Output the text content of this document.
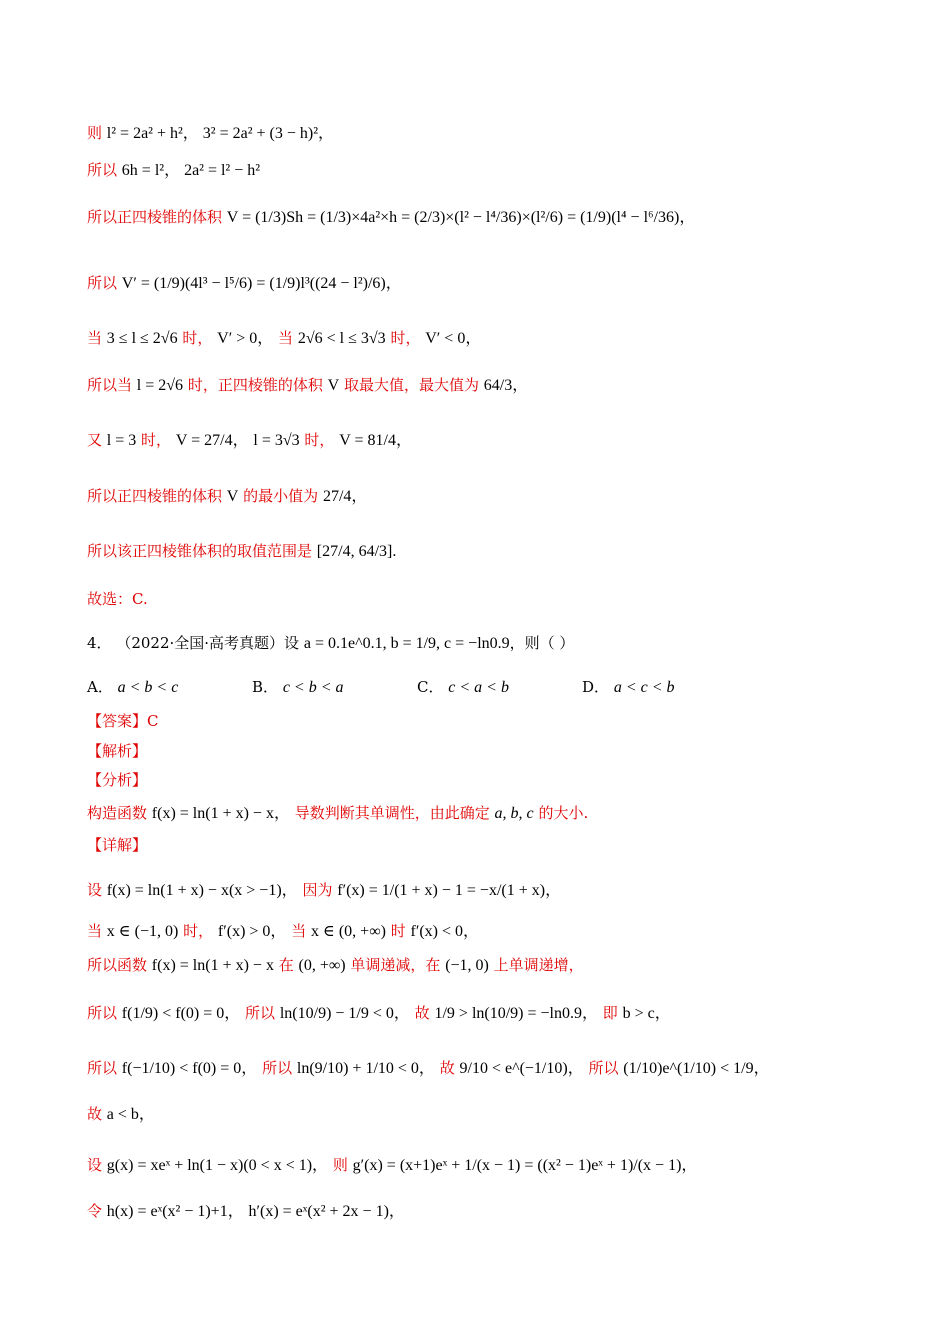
则 l² = 2a² + h²， 3² = 2a² + (3 − h)²，
所以 6h = l²， 2a² = l² − h²
所以正四棱锥的体积 V = (1/3)Sh = (1/3)×4a²×h = (2/3)×(l² − l⁴/36)×(l²/6) = (1/9)(l⁴ − l⁶/36)，
所以 V′ = (1/9)(4l³ − l⁵/6) = (1/9)l³((24 − l²)/6)，
当 3 ≤ l ≤ 2√6 时， V′ > 0， 当 2√6 < l ≤ 3√3 时， V′ < 0，
所以当 l = 2√6 时，正四棱锥的体积 V 取最大值，最大值为 64/3，
又 l = 3 时， V = 27/4， l = 3√3 时， V = 81/4，
所以正四棱锥的体积 V 的最小值为 27/4，
所以该正四棱锥体积的取值范围是 [27/4, 64/3].
故选：C.
4． （2022·全国·高考真题）设 a = 0.1e^0.1, b = 1/9, c = −ln0.9，则（ ）
A． a < b < c	B． c < b < a	C． c < a < b	D． a < c < b
【答案】C
【解析】
【分析】
构造函数 f(x) = ln(1 + x) − x， 导数判断其单调性，由此确定 a, b, c 的大小.
【详解】
设 f(x) = ln(1 + x) − x(x > −1)， 因为 f′(x) = 1/(1 + x) − 1 = −x/(1 + x)，
当 x ∈ (−1, 0) 时， f′(x) > 0， 当 x ∈ (0, +∞) 时 f′(x) < 0，
所以函数 f(x) = ln(1 + x) − x 在 (0, +∞) 单调递减，在 (−1, 0) 上单调递增，
所以 f(1/9) < f(0) = 0， 所以 ln(10/9) − 1/9 < 0， 故 1/9 > ln(10/9) = −ln0.9， 即 b > c，
所以 f(−1/10) < f(0) = 0， 所以 ln(9/10) + 1/10 < 0， 故 9/10 < e^(−1/10)， 所以 (1/10)e^(1/10) < 1/9，
故 a < b，
设 g(x) = xeˣ + ln(1 − x)(0 < x < 1)， 则 g′(x) = (x+1)eˣ + 1/(x − 1) = ((x² − 1)eˣ + 1)/(x − 1)，
令 h(x) = eˣ(x² − 1)+1， h′(x) = eˣ(x² + 2x − 1)，
